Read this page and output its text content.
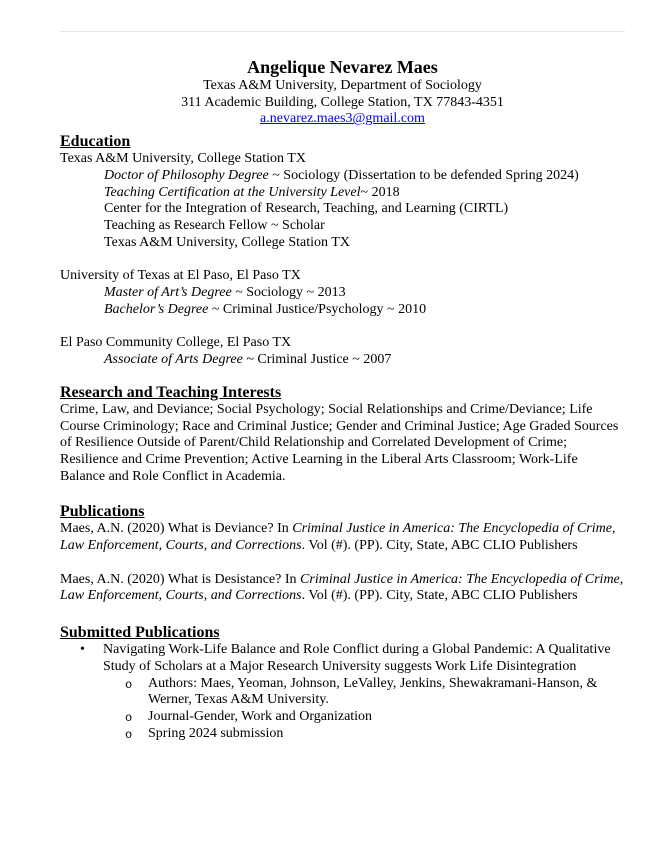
Angelique Nevarez Maes
Texas A&M University, Department of Sociology
311 Academic Building, College Station, TX 77843-4351
a.nevarez.maes3@gmail.com
Education
Texas A&M University, College Station TX
Doctor of Philosophy Degree ~ Sociology (Dissertation to be defended Spring 2024)
Teaching Certification at the University Level~ 2018
Center for the Integration of Research, Teaching, and Learning (CIRTL)
Teaching as Research Fellow ~ Scholar
Texas A&M University, College Station TX
University of Texas at El Paso, El Paso TX
Master of Art’s Degree ~ Sociology ~ 2013
Bachelor’s Degree ~ Criminal Justice/Psychology ~ 2010
El Paso Community College, El Paso TX
Associate of Arts Degree ~ Criminal Justice ~ 2007
Research and Teaching Interests
Crime, Law, and Deviance; Social Psychology; Social Relationships and Crime/Deviance; Life Course Criminology; Race and Criminal Justice; Gender and Criminal Justice; Age Graded Sources of Resilience Outside of Parent/Child Relationship and Correlated Development of Crime; Resilience and Crime Prevention; Active Learning in the Liberal Arts Classroom; Work-Life Balance and Role Conflict in Academia.
Publications
Maes, A.N. (2020) What is Deviance? In Criminal Justice in America: The Encyclopedia of Crime, Law Enforcement, Courts, and Corrections. Vol (#). (PP). City, State, ABC CLIO Publishers
Maes, A.N. (2020) What is Desistance? In Criminal Justice in America: The Encyclopedia of Crime, Law Enforcement, Courts, and Corrections. Vol (#). (PP). City, State, ABC CLIO Publishers
Submitted Publications
• Navigating Work-Life Balance and Role Conflict during a Global Pandemic: A Qualitative Study of Scholars at a Major Research University suggests Work Life Disintegration
o Authors: Maes, Yeoman, Johnson, LeValley, Jenkins, Shewakramani-Hanson, & Werner, Texas A&M University.
o Journal-Gender, Work and Organization
o Spring 2024 submission
